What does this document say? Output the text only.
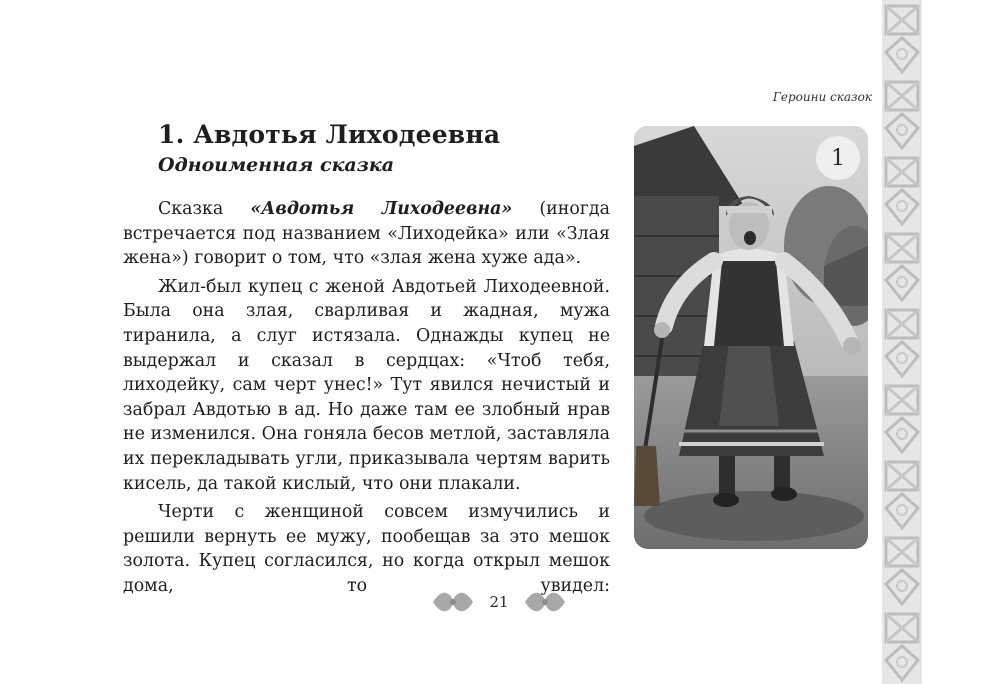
Героини сказок
1. Авдотья Лиходеевна
Одноименная сказка

Сказка «Авдотья Лиходеевна» (иногда встречается под названием «Лиходейка» или «Злая жена») говорит о том, что «злая жена хуже ада».

Жил-был купец с женой Авдотьей Лиходеевной. Была она злая, сварливая и жадная, мужа тиранила, а слуг истязала. Однажды купец не выдержал и сказал в сердцах: «Чтоб тебя, лиходейку, сам черт унес!» Тут явился нечистый и забрал Авдотью в ад. Но даже там ее злобный нрав не изменился. Она гоняла бесов метлой, заставляла их перекладывать угли, приказывала чертям варить кисель, да такой кислый, что они плакали.

Черти с женщиной совсем измучились и решили вернуть ее мужу, пообещав за это мешок золота. Купец согласился, но когда открыл мешок дома, то увидел:

1
21
